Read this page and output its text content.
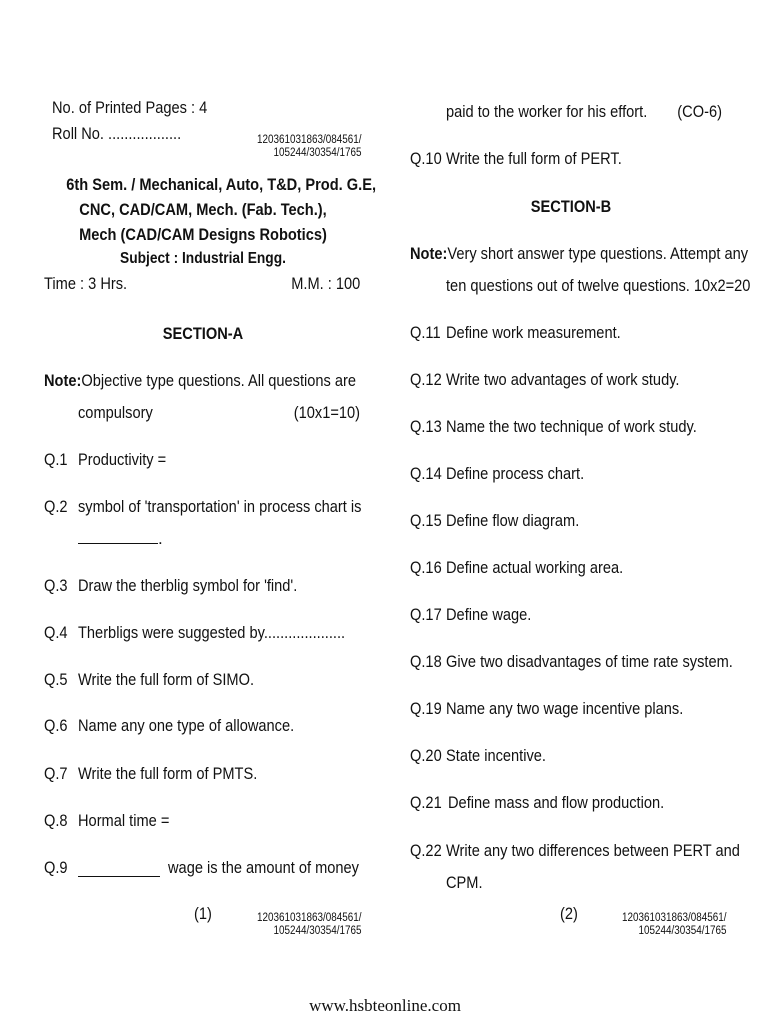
No. of Printed Pages : 4
Roll No. ..................	120361031863/084561/
105244/30354/1765
6th Sem. / Mechanical, Auto, T&D, Prod. G.E,
CNC, CAD/CAM, Mech. (Fab. Tech.),
Mech (CAD/CAM Designs Robotics)
Subject : Industrial Engg.
Time : 3 Hrs.	M.M. : 100
SECTION-A
Note:Objective type questions. All questions are
compulsory	(10x1=10)
Q.1 Productivity =
Q.2 symbol of 'transportation' in process chart is
.
Q.3 Draw the therblig symbol for 'find'.
Q.4 Therbligs were suggested by....................
Q.5 Write the full form of SIMO.
Q.6 Name any one type of allowance.
Q.7 Write the full form of PMTS.
Q.8 Hormal time =
Q.9	wage is the amount of money
(1)	120361031863/084561/
105244/30354/1765
paid to the worker for his effort. (CO-6)
Q.10 Write the full form of PERT.
SECTION-B
Note:Very short answer type questions. Attempt any
ten questions out of twelve questions. 10x2=20
Q.11 Define work measurement.
Q.12 Write two advantages of work study.
Q.13 Name the two technique of work study.
Q.14 Define process chart.
Q.15 Define flow diagram.
Q.16 Define actual working area.
Q.17 Define wage.
Q.18 Give two disadvantages of time rate system.
Q.19 Name any two wage incentive plans.
Q.20 State incentive.
Q.21 Define mass and flow production.
Q.22 Write any two differences between PERT and
CPM.
(2)	120361031863/084561/
105244/30354/1765
www.hsbteonline.com
